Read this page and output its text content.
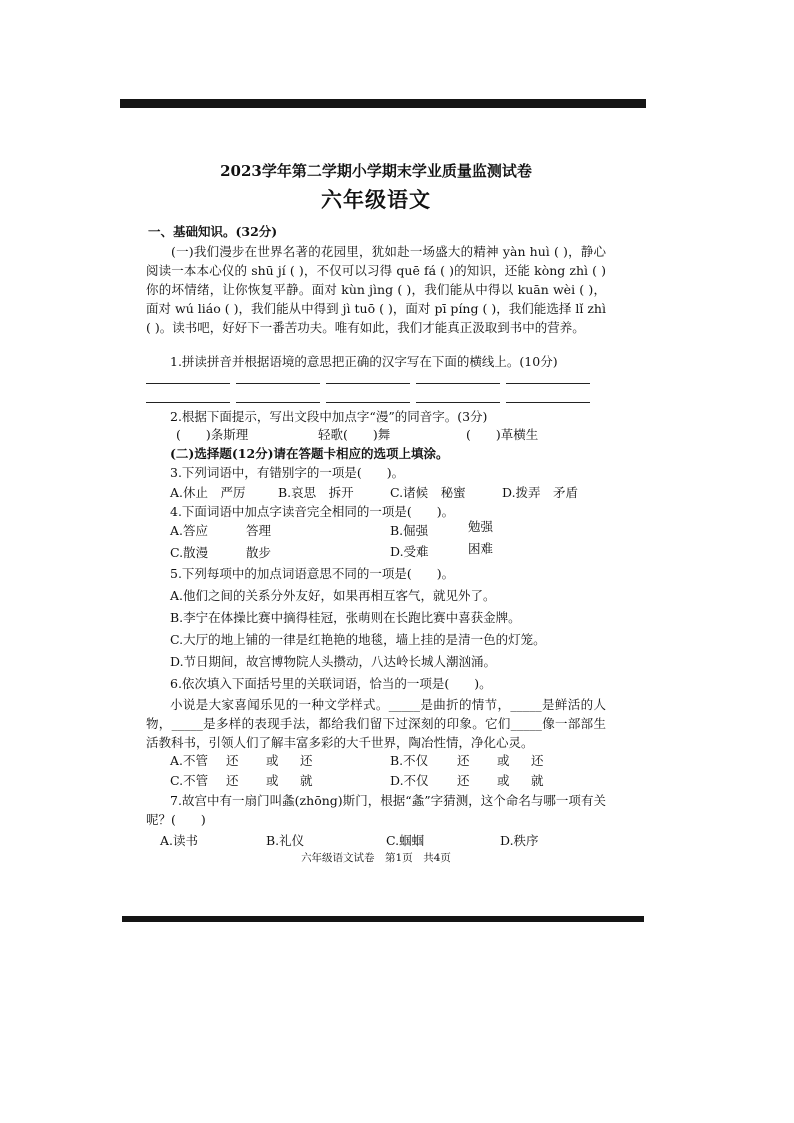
2023学年第二学期小学期末学业质量监测试卷
六年级语文
一、基础知识。(32分)
(一)我们漫步在世界名著的花园里，犹如赴一场盛大的精神 yàn huì ( )，静心阅读一本本心仪的 shū jí ( )，不仅可以习得 quē fá ( )的知识，还能 kòng zhì ( )你的坏情绪，让你恢复平静。面对 kùn jìng ( )，我们能从中得以 kuān wèi ( )，面对 wú liáo ( )，我们能从中得到 jì tuō ( )，面对 pī píng ( )，我们能选择 lǐ zhì ( )。读书吧，好好下一番苦功夫。唯有如此，我们才能真正汲取到书中的营养。
1.拼读拼音并根据语境的意思把正确的汉字写在下面的横线上。(10分)
2.根据下面提示，写出文段中加点字“漫”的同音字。(3分)
(　　)条斯理	轻歌(　　)舞	(　　)革横生
(二)选择题(12分)请在答题卡相应的选项上填涂。
3.下列词语中，有错别字的一项是(　　)。
A.休止　严厉	B.哀思　拆开	C.诸候　秘蜜	D.拨弄　矛盾
4.下面词语中加点字读音完全相同的一项是(　　)。
A.答应	答理	B.倔强	勉强
C.散漫	散步	D.受难	困难
5.下列每项中的加点词语意思不同的一项是(　　)。
A.他们之间的关系分外友好，如果再相互客气，就见外了。
B.李宁在体操比赛中摘得桂冠，张萌则在长跑比赛中喜获金牌。
C.大厅的地上铺的一律是红艳艳的地毯，墙上挂的是清一色的灯笼。
D.节日期间，故宫博物院人头攒动，八达岭长城人潮汹涌。
6.依次填入下面括号里的关联词语，恰当的一项是(　　)。
小说是大家喜闻乐见的一种文学样式。_____是曲折的情节，_____是鲜活的人物，_____是多样的表现手法，都给我们留下过深刻的印象。它们_____像一部部生活教科书，引领人们了解丰富多彩的大千世界，陶冶性情，净化心灵。
A.不管 还 或 还	B.不仅 还 或 还
C.不管 还 或 就	D.不仅 还 或 就
7.故宫中有一扇门叫螽(zhōng)斯门，根据“螽”字猜测，这个命名与哪一项有关呢？(　　)
A.读书	B.礼仪	C.蝈蝈	D.秩序
六年级语文试卷　第1页　共4页
